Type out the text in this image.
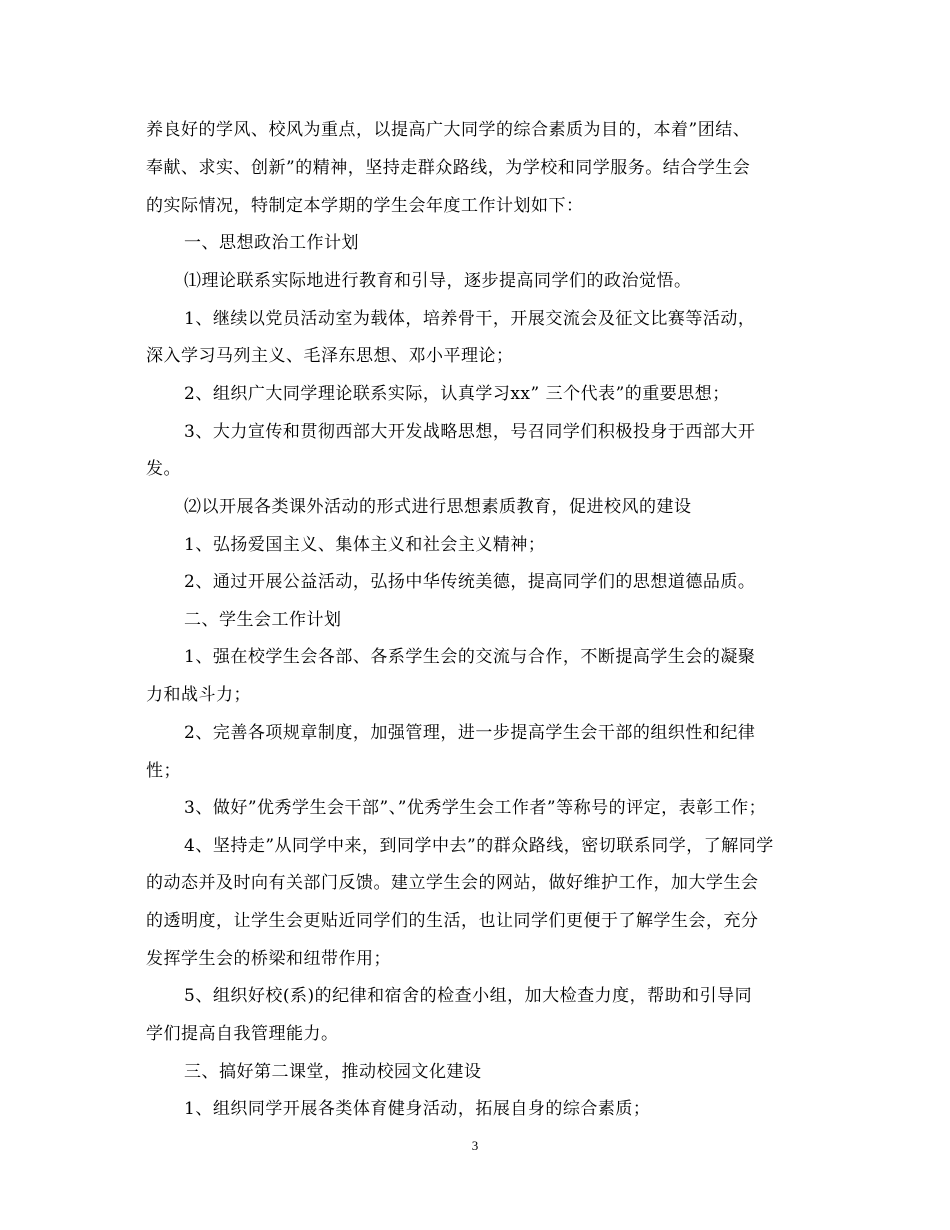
养良好的学风、校风为重点，以提高广大同学的综合素质为目的，本着”团结、
奉献、求实、创新”的精神，坚持走群众路线，为学校和同学服务。结合学生会
的实际情况，特制定本学期的学生会年度工作计划如下：
一、思想政治工作计划
⑴理论联系实际地进行教育和引导，逐步提高同学们的政治觉悟。
1、继续以党员活动室为载体，培养骨干，开展交流会及征文比赛等活动，
深入学习马列主义、毛泽东思想、邓小平理论；
2、组织广大同学理论联系实际，认真学习xx” 三个代表”的重要思想；
3、大力宣传和贯彻西部大开发战略思想，号召同学们积极投身于西部大开
发。
⑵以开展各类课外活动的形式进行思想素质教育，促进校风的建设
1、弘扬爱国主义、集体主义和社会主义精神；
2、通过开展公益活动，弘扬中华传统美德，提高同学们的思想道德品质。
二、学生会工作计划
1、强在校学生会各部、各系学生会的交流与合作，不断提高学生会的凝聚
力和战斗力；
2、完善各项规章制度，加强管理，进一步提高学生会干部的组织性和纪律
性；
3、做好”优秀学生会干部”、”优秀学生会工作者”等称号的评定，表彰工作；
4、坚持走”从同学中来，到同学中去”的群众路线，密切联系同学，了解同学
的动态并及时向有关部门反馈。建立学生会的网站，做好维护工作，加大学生会
的透明度，让学生会更贴近同学们的生活，也让同学们更便于了解学生会，充分
发挥学生会的桥梁和纽带作用；
5、组织好校(系)的纪律和宿舍的检查小组，加大检查力度，帮助和引导同
学们提高自我管理能力。
三、搞好第二课堂，推动校园文化建设
1、组织同学开展各类体育健身活动，拓展自身的综合素质；
3
